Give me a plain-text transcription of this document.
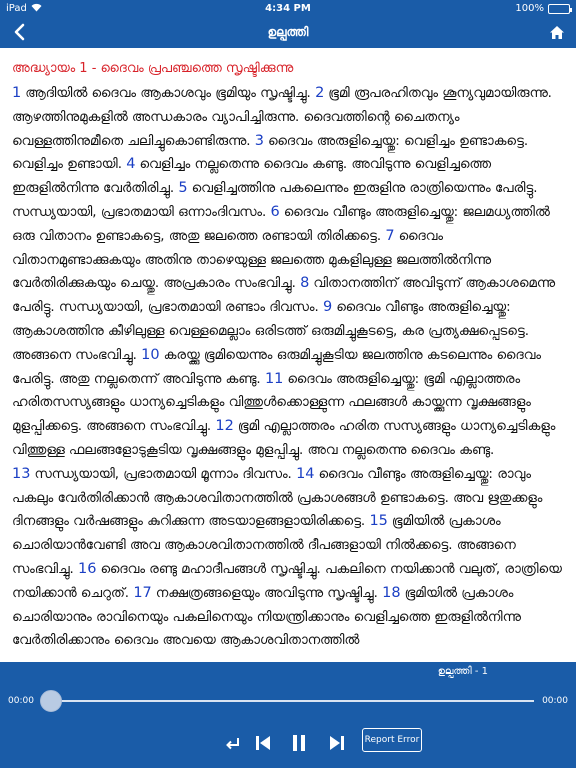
iPad	4:34 PM	100%
ഉല്പത്തി
അദ്ധ്യായം 1 - ദൈവം പ്രപഞ്ചത്തെ സൃഷ്ടിക്കുന്നു
1 ആദിയിൽ ദൈവം ആകാശവും ഭൂമിയും സൃഷ്ടിച്ചു. 2 ഭൂമി രൂപരഹിതവും ശൂന്യവുമായിരുന്നു. ആഴത്തിനുമുകളിൽ അന്ധകാരം വ്യാപിച്ചിരുന്നു. ദൈവത്തിന്റെ ചൈതന്യം വെള്ളത്തിനുമീതെ ചലിച്ചുകൊണ്ടിരുന്നു. 3 ദൈവം അരുളിച്ചെയ്തു: വെളിച്ചം ഉണ്ടാകട്ടെ. വെളിച്ചം ഉണ്ടായി. 4 വെളിച്ചം നല്ലതെന്നു ദൈവം കണ്ടു. അവിടുന്നു വെളിച്ചത്തെ ഇരുളിൽനിന്നു വേർതിരിച്ചു. 5 വെളിച്ചത്തിനു പകലെന്നും ഇരുളിനു രാത്രിയെന്നും പേരിട്ടു. സന്ധ്യയായി, പ്രഭാതമായി ഒന്നാംദിവസം. 6 ദൈവം വീണ്ടും അരുളിച്ചെയ്തു: ജലമധ്യത്തിൽ ഒരു വിതാനം ഉണ്ടാകട്ടെ, അതു ജലത്തെ രണ്ടായി തിരിക്കട്ടെ. 7 ദൈവം വിതാനമുണ്ടാക്കുകയും അതിനു താഴെയുള്ള ജലത്തെ മുകളിലുള്ള ജലത്തിൽനിന്നു വേർതിരിക്കുകയും ചെയ്തു. അപ്രകാരം സംഭവിച്ചു. 8 വിതാനത്തിന് അവിടുന്ന് ആകാശമെന്നു പേരിട്ടു. സന്ധ്യയായി, പ്രഭാതമായി രണ്ടാം ദിവസം. 9 ദൈവം വീണ്ടും അരുളിച്ചെയ്തു: ആകാശത്തിനു കീഴിലുള്ള വെള്ളമെല്ലാം ഒരിടത്ത് ഒരുമിച്ചുകൂടട്ടെ, കര പ്രത്യക്ഷപ്പെടട്ടെ. അങ്ങനെ സംഭവിച്ചു. 10 കരയ്ക്കു ഭൂമിയെന്നും ഒരുമിച്ചുകൂടിയ ജലത്തിനു കടലെന്നും ദൈവം പേരിട്ടു. അതു നല്ലതെന്ന് അവിടുന്നു കണ്ടു. 11 ദൈവം അരുളിച്ചെയ്തു: ഭൂമി എല്ലാത്തരം ഹരിതസസ്യങ്ങളും ധാന്യച്ചെടികളും വിത്തുൾക്കൊള്ളുന്ന ഫലങ്ങൾ കായ്ക്കുന്ന വൃക്ഷങ്ങളും മുളപ്പിക്കട്ടെ. അങ്ങനെ സംഭവിച്ചു. 12 ഭൂമി എല്ലാത്തരം ഹരിത സസ്യങ്ങളും ധാന്യച്ചെടികളും വിത്തുള്ള ഫലങ്ങളോടുകൂടിയ വൃക്ഷങ്ങളും മുളപ്പിച്ചു. അവ നല്ലതെന്നു ദൈവം കണ്ടു. 13 സന്ധ്യയായി, പ്രഭാതമായി മൂന്നാം ദിവസം. 14 ദൈവം വീണ്ടും അരുളിച്ചെയ്തു: രാവും പകലും വേർതിരിക്കാൻ ആകാശവിതാനത്തിൽ പ്രകാശങ്ങൾ ഉണ്ടാകട്ടെ. അവ ഋതുക്കളും ദിനങ്ങളും വർഷങ്ങളും കുറിക്കുന്ന അടയാളങ്ങളായിരിക്കട്ടെ. 15 ഭൂമിയിൽ പ്രകാശം ചൊരിയാൻവേണ്ടി അവ ആകാശവിതാനത്തിൽ ദീപങ്ങളായി നിൽക്കട്ടെ. അങ്ങനെ സംഭവിച്ചു. 16 ദൈവം രണ്ടു മഹാദീപങ്ങൾ സൃഷ്ടിച്ചു. പകലിനെ നയിക്കാൻ വലുത്, രാത്രിയെ നയിക്കാൻ ചെറുത്. 17 നക്ഷത്രങ്ങളെയും അവിടുന്നു സൃഷ്ടിച്ചു. 18 ഭൂമിയിൽ പ്രകാശം ചൊരിയാനും രാവിനെയും പകലിനെയും നിയന്ത്രിക്കാനും വെളിച്ചത്തെ ഇരുളിൽനിന്നു വേർതിരിക്കാനും ദൈവം അവയെ ആകാശവിതാനത്തിൽ
ഉല്പത്തി - 1
00:00	00:00
Report Error
